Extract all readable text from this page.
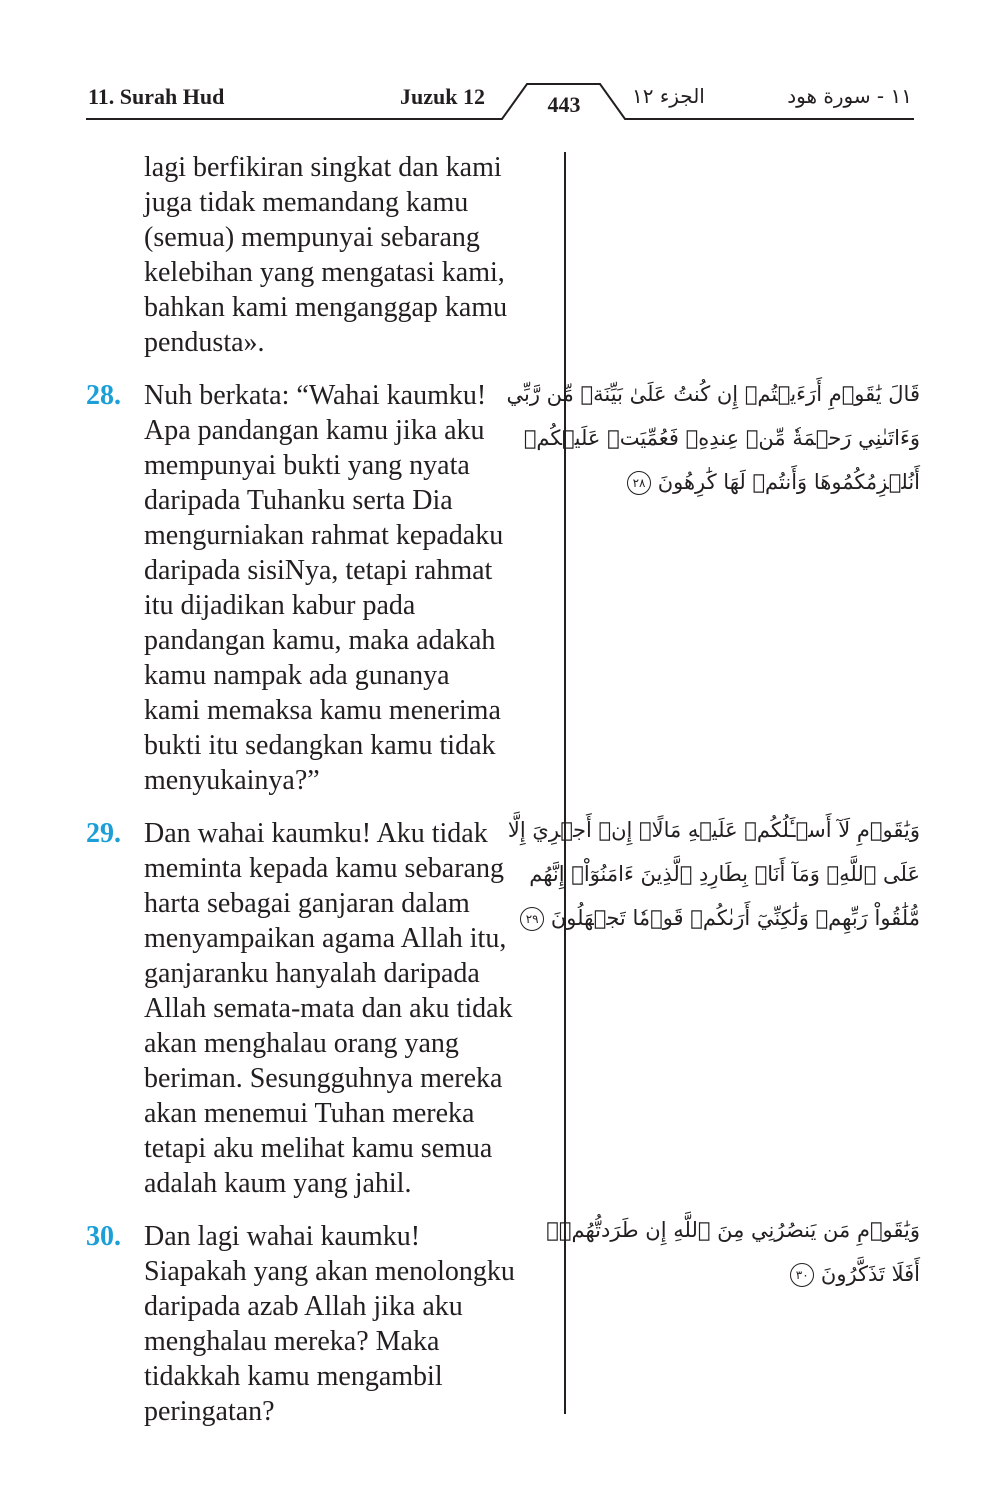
11. Surah Hud	Juzuk 12	443	الجزء ١٢	١١ - سورة هود
lagi berfikiran singkat dan kami
juga tidak memandang kamu
(semua) mempunyai sebarang
kelebihan yang mengatasi kami,
bahkan kami menganggap kamu
pendusta».
28. Nuh berkata: “Wahai kaumku!
Apa pandangan kamu jika aku
mempunyai bukti yang nyata
daripada Tuhanku serta Dia
mengurniakan rahmat kepadaku
daripada sisiNya, tetapi rahmat
itu dijadikan kabur pada
pandangan kamu, maka adakah
kamu nampak ada gunanya
kami memaksa kamu menerima
bukti itu sedangkan kamu tidak
menyukainya?”
29. Dan wahai kaumku! Aku tidak
meminta kepada kamu sebarang
harta sebagai ganjaran dalam
menyampaikan agama Allah itu,
ganjaranku hanyalah daripada
Allah semata-mata dan aku tidak
akan menghalau orang yang
beriman. Sesungguhnya mereka
akan menemui Tuhan mereka
tetapi aku melihat kamu semua
adalah kaum yang jahil.
30. Dan lagi wahai kaumku!
Siapakah yang akan menolongku
daripada azab Allah jika aku
menghalau mereka? Maka
tidakkah kamu mengambil
peringatan?
قَالَ يَٰقَوۡمِ أَرَءَيۡتُمۡ إِن كُنتُ عَلَىٰ بَيِّنَةٖ مِّن رَّبِّي
وَءَاتَىٰنِي رَحۡمَةٗ مِّنۡ عِندِهِۦ فَعُمِّيَتۡ عَلَيۡكُمۡ
أَنُلۡزِمُكُمُوهَا وَأَنتُمۡ لَهَا كَٰرِهُونَ ٢٨
وَيَٰقَوۡمِ لَآ أَسۡـَٔلُكُمۡ عَلَيۡهِ مَالًاۖ إِنۡ أَجۡرِيَ إِلَّا
عَلَى ٱللَّهِۚ وَمَآ أَنَا۠ بِطَارِدِ ٱلَّذِينَ ءَامَنُوٓاْۚ إِنَّهُم
مُّلَٰقُواْ رَبِّهِمۡ وَلَٰكِنِّيٓ أَرَىٰكُمۡ قَوۡمٗا تَجۡهَلُونَ ٢٩
وَيَٰقَوۡمِ مَن يَنصُرُنِي مِنَ ٱللَّهِ إِن طَرَدتُّهُمۡۚ
أَفَلَا تَذَكَّرُونَ ٣٠
